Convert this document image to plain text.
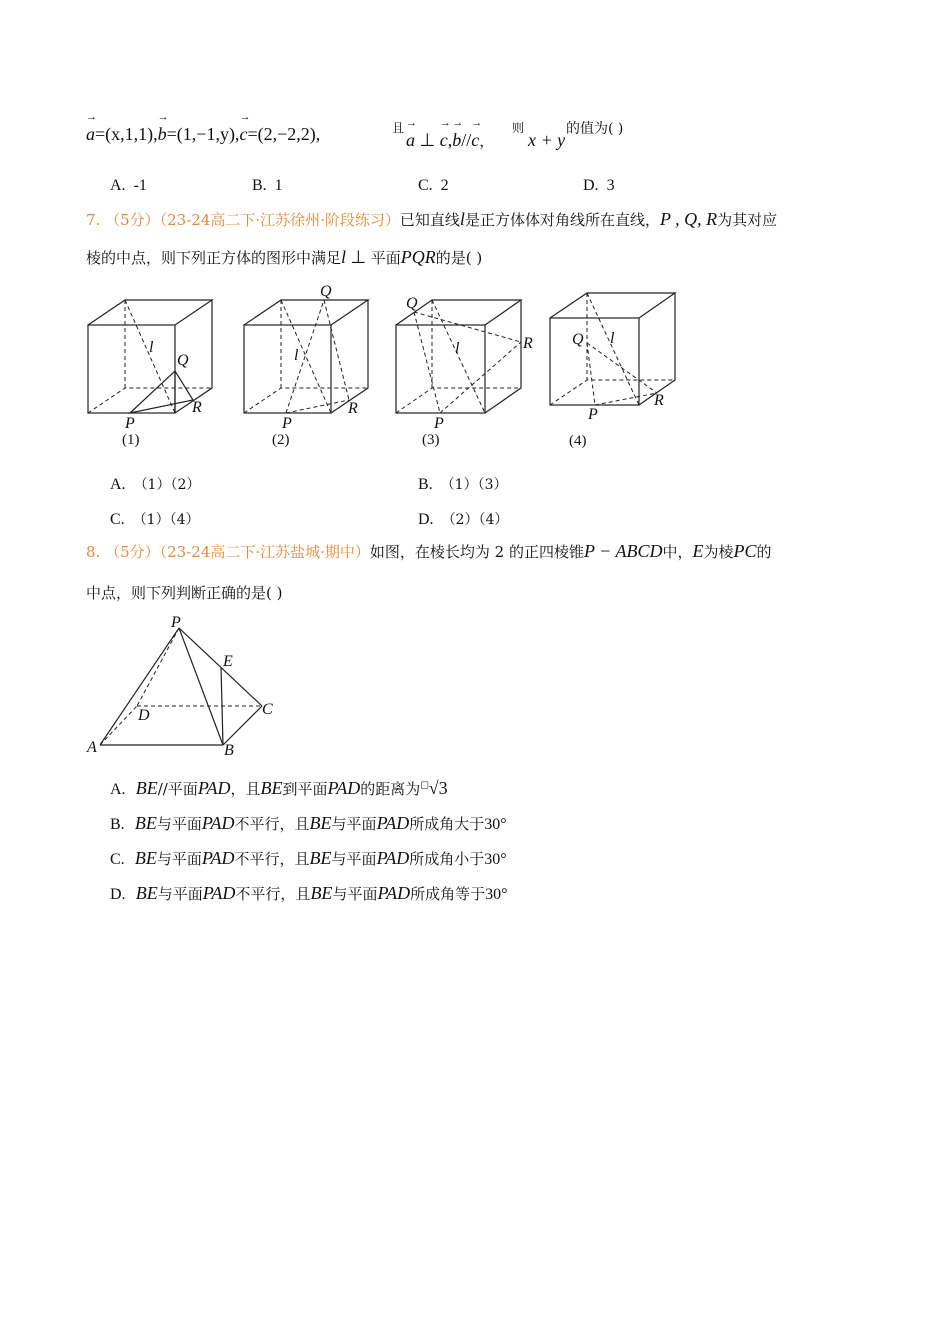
→ a=(x,1,1),→ b=(1,−1,y),→ c=(2,−2,2),	且
→ a ⊥ → c,→ b//→ c，
则
x + y
的值为( )
A. -1	B. 1	C. 2	D. 3
7. （5分）（23-24高二下·江苏徐州·阶段练习）已知直线l是正方体体对角线所在直线，P , Q, R为其对应
棱的中点，则下列正方体的图形中满足l ⊥ 平面PQR的是( )
l
Q
R
P
(1)
Q
l
R
P
(2)
Q
l	R
P
(3)
Q l
R
P
(4)
A. （1）（2）	B. （1）（3）
C. （1）（4）	D. （2）（4）
8. （5分）（23-24高二下·江苏盐城·期中）如图，在棱长均为 2 的正四棱锥P − ABCD中，E为棱PC的
中点，则下列判断正确的是( )
P
E
D	C
A	B
A. BE//平面PAD，且BE到平面PAD的距离为□√3
B. BE与平面PAD不平行，且BE与平面PAD所成角大于30°
C. BE与平面PAD不平行，且BE与平面PAD所成角小于30°
D. BE与平面PAD不平行，且BE与平面PAD所成角等于30°
